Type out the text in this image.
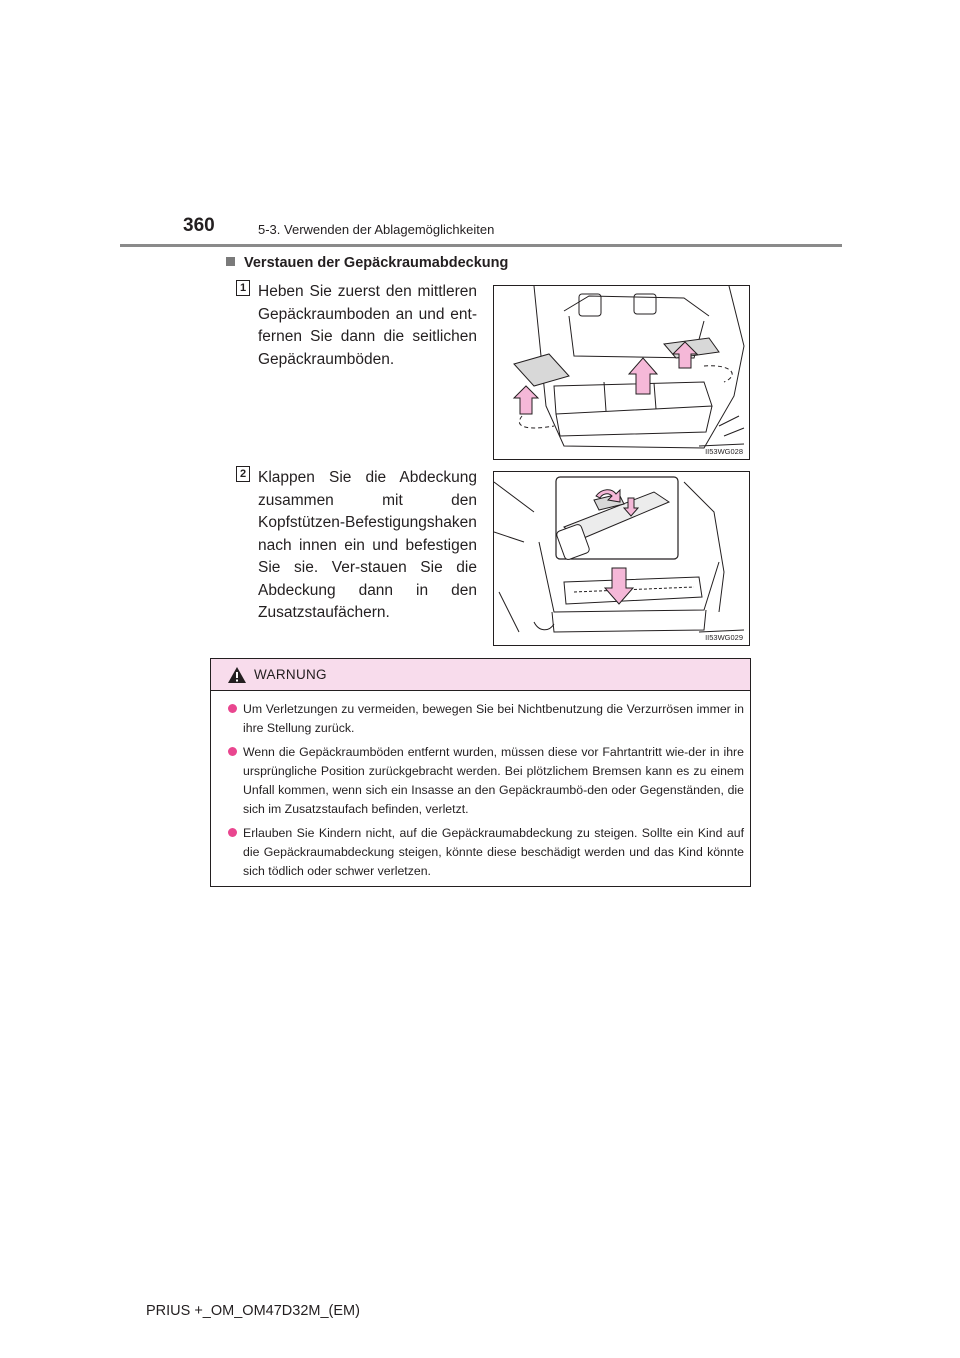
360	5-3. Verwenden der Ablagemöglichkeiten
Verstauen der Gepäckraumabdeckung
1 Heben Sie zuerst den mittleren Gepäckraumboden an und ent-fernen Sie dann die seitlichen Gepäckraumböden.
II53WG028
2 Klappen Sie die Abdeckung zusammen mit den Kopfstützen-Befestigungshaken nach innen ein und befestigen Sie sie. Ver-stauen Sie die Abdeckung dann in den Zusatzstaufächern.
II53WG029
WARNUNG
Um Verletzungen zu vermeiden, bewegen Sie bei Nichtbenutzung die Verzurrösen immer in ihre Stellung zurück.
Wenn die Gepäckraumböden entfernt wurden, müssen diese vor Fahrtantritt wie-der in ihre ursprüngliche Position zurückgebracht werden. Bei plötzlichem Bremsen kann es zu einem Unfall kommen, wenn sich ein Insasse an den Gepäckraumbö-den oder Gegenständen, die sich im Zusatzstaufach befinden, verletzt.
Erlauben Sie Kindern nicht, auf die Gepäckraumabdeckung zu steigen. Sollte ein Kind auf die Gepäckraumabdeckung steigen, könnte diese beschädigt werden und das Kind könnte sich tödlich oder schwer verletzen.
PRIUS +_OM_OM47D32M_(EM)
